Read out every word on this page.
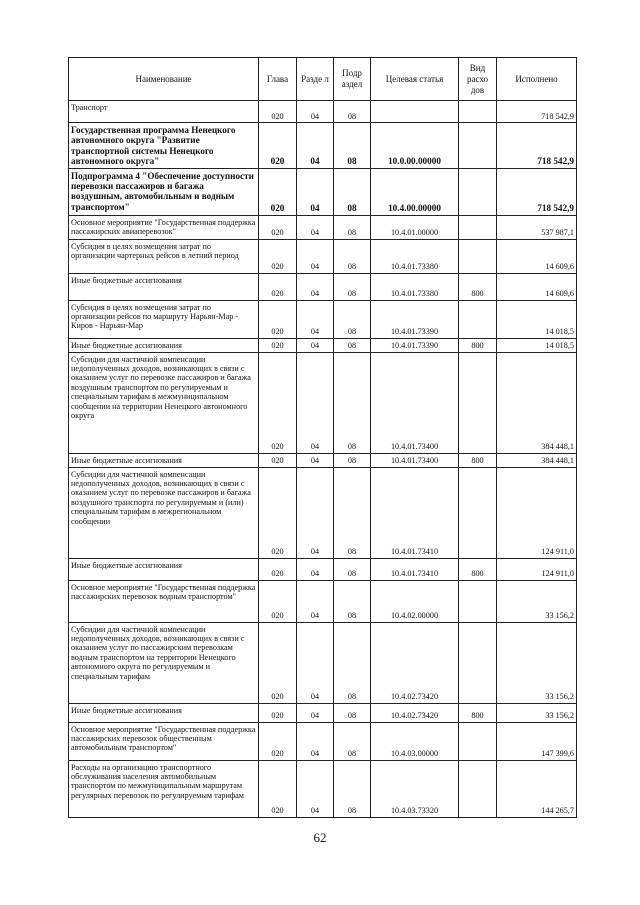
Наименование	Глава	Разде л	Подр аздел	Целевая статья	Вид расхо дов	Исполнено
Транспорт	020	04	08			718 542,9
Государственная программа Ненецкого автономного округа "Развитие транспортной системы Ненецкого автономного округа"	020	04	08	10.0.00.00000		718 542,9
Подпрограмма 4 "Обеспечение доступности перевозки пассажиров и багажа воздушным, автомобильным и водным транспортом"	020	04	08	10.4.00.00000		718 542,9
Основное мероприятие "Государственная поддержка пассажирских авиаперевозок"	020	04	08	10.4.01.00000		537 987,1
Субсидия в целях возмещения затрат по организации чартерных рейсов в летний период	020	04	08	10.4.01.73380		14 609,6
Иные бюджетные ассигнования	020	04	08	10.4.01.73380	800	14 609,6
Субсидия в целях возмещения затрат по организации рейсов по маршруту Нарьян-Мар - Киров - Нарьян-Мар	020	04	08	10.4.01.73390		14 018,5
Иные бюджетные ассигнования	020	04	08	10.4.01.73390	800	14 018,5
Субсидии для частичной компенсации недополученных доходов, возникающих в связи с оказанием услуг по перевозке пассажиров и багажа воздушным транспортом по регулируемым и специальным тарифам в межмуниципальном сообщении на территории Ненецкого автономного округа	020	04	08	10.4.01.73400		384 448,1
Иные бюджетные ассигнования	020	04	08	10.4.01.73400	800	384 448,1
Субсидии для частичной компенсации недополученных доходов, возникающих в связи с оказанием услуг по перевозке пассажиров и багажа воздушного транспорта по регулируемым и (или) специальным тарифам в межрегиональном сообщении	020	04	08	10.4.01.73410		124 911,0
Иные бюджетные ассигнования	020	04	08	10.4.01.73410	800	124 911,0
Основное мероприятие "Государственная поддержка пассажирских перевозок водным транспортом"	020	04	08	10.4.02.00000		33 156,2
Субсидии для частичной компенсации недополученных доходов, возникающих в связи с оказанием услуг по пассажирским перевозкам водным транспортом на территории Ненецкого автономного округа по регулируемым и специальным тарифам	020	04	08	10.4.02.73420		33 156,2
Иные бюджетные ассигнования	020	04	08	10.4.02.73420	800	33 156,2
Основное мероприятие "Государственная поддержка пассажирских перевозок общественным автомобильным транспортом"	020	04	08	10.4.03.00000		147 399,6
Расходы на организацию транспортного обслуживания населения автомобильным транспортом по межмуниципальным маршрутам регулярных перевозок по регулируемым тарифам	020	04	08	10.4.03.73320		144 265,7
62
